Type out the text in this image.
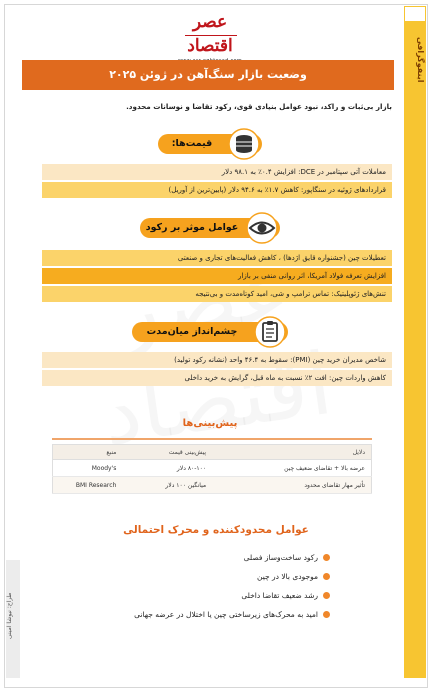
اینفوگرافی
طراح: نیوشا امینی
عصر اقتصاد
وضعیت بازار سنگ‌آهن در ژوئن ۲۰۲۵
بازار بی‌ثبات و راکد، نبود عوامل بنیادی قوی، رکود تقاضا و نوسانات محدود.
قیمت‌ها:
معاملات آتی سپتامبر در DCE: افزایش ۰.۴٪ به ۹۸.۱ دلار
قراردادهای ژوئیه در سنگاپور: کاهش ۱.۷٪ به ۹۴.۶ دلار (پایین‌ترین از آوریل)
عوامل موثر بر رکود
تعطیلات چین (جشنواره قایق اژدها) ، کاهش فعالیت‌های تجاری و صنعتی
افزایش تعرفه فولاد آمریکا، اثر روانی منفی بر بازار
تنش‌های ژئوپلیتیک: تماس ترامپ و شی، امید کوتاه‌مدت و بی‌نتیجه
چشم‌انداز میان‌مدت
شاخص مدیران خرید چین (PMI): سقوط به ۴۶.۴ واحد (نشانه رکود تولید)
کاهش واردات چین: افت ۲٪ نسبت به ماه قبل، گرایش به خرید داخلی
پیش‌بینی‌ها
دلایل	پیش‌بینی قیمت	منبع
عرضه بالا + تقاضای ضعیف چین	۸۰-۱۰۰ دلار	Moody's
تأثیر مهار تقاضای محدود	میانگین ۱۰۰ دلار	BMI Research
عوامل محدودکننده و محرک احتمالی
رکود ساخت‌وساز فصلی
موجودی بالا در چین
رشد ضعیف تقاضا داخلی
امید به محرک‌های زیرساختی چین یا اختلال در عرضه جهانی
